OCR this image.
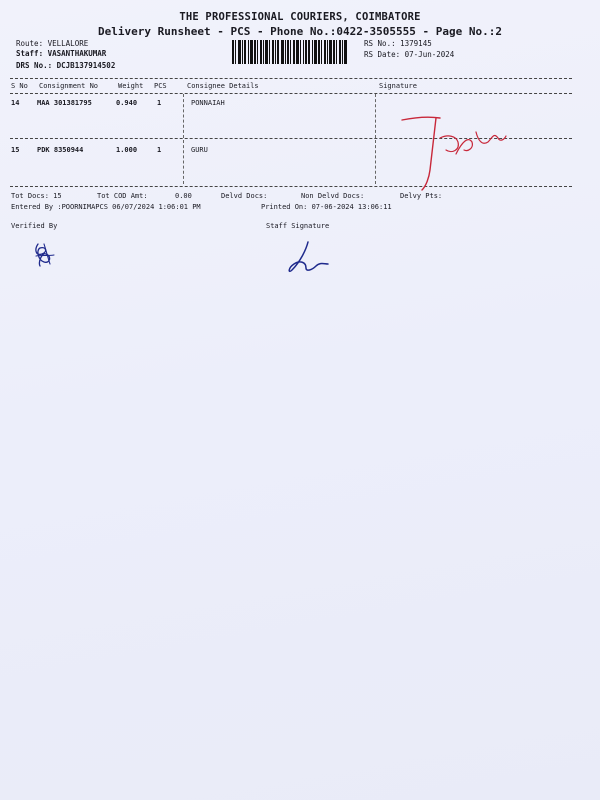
THE PROFESSIONAL COURIERS, COIMBATORE
Delivery Runsheet - PCS - Phone No.:0422-3505555 - Page No.:2
Route: VELLALORE
Staff: VASANTHAKUMAR
DRS No.: DCJB137914502
RS No.: 1379145
RS Date: 07-Jun-2024
S No Consignment No	Weight PCS	Consignee Details	Signature
14	MAA 301381795	0.940	1	PONNAIAH
15	PDK 8350944	1.000	1	GURU
Tot Docs: 15	Tot COD Amt:	0.00	Delvd Docs:	Non Delvd Docs:	Delvy Pts:
Entered By :POORNIMAPCS 06/07/2024 1:06:01 PM	Printed On: 07-06-2024 13:06:11
Verified By	Staff Signature
